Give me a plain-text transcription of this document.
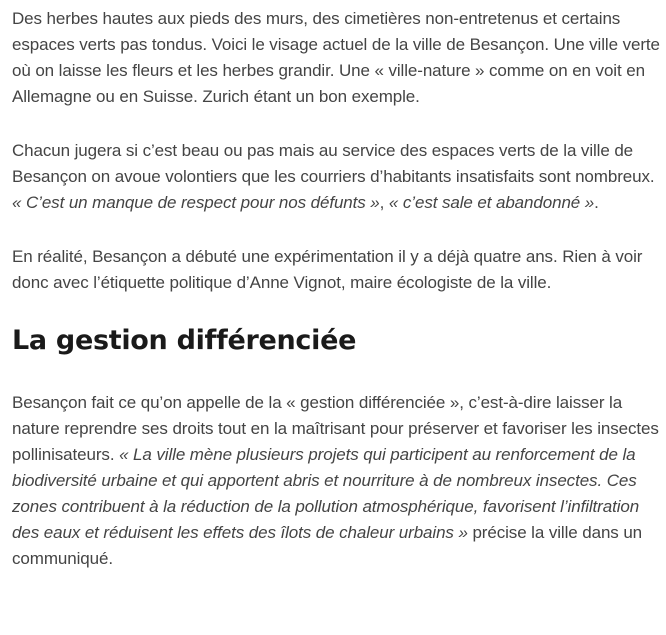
Des herbes hautes aux pieds des murs, des cimetières non-entretenus et certains espaces verts pas tondus. Voici le visage actuel de la ville de Besançon. Une ville verte où on laisse les fleurs et les herbes grandir. Une « ville-nature » comme on en voit en Allemagne ou en Suisse. Zurich étant un bon exemple.

Chacun jugera si c’est beau ou pas mais au service des espaces verts de la ville de Besançon on avoue volontiers que les courriers d’habitants insatisfaits sont nombreux. « C’est un manque de respect pour nos défunts », « c’est sale et abandonné ».

En réalité, Besançon a débuté une expérimentation il y a déjà quatre ans. Rien à voir donc avec l’étiquette politique d’Anne Vignot, maire écologiste de la ville.

La gestion différenciée

Besançon fait ce qu’on appelle de la « gestion différenciée », c’est-à-dire laisser la nature reprendre ses droits tout en la maîtrisant pour préserver et favoriser les insectes pollinisateurs. « La ville mène plusieurs projets qui participent au renforcement de la biodiversité urbaine et qui apportent abris et nourriture à de nombreux insectes. Ces zones contribuent à la réduction de la pollution atmosphérique, favorisent l’infiltration des eaux et réduisent les effets des îlots de chaleur urbains » précise la ville dans un communiqué.
